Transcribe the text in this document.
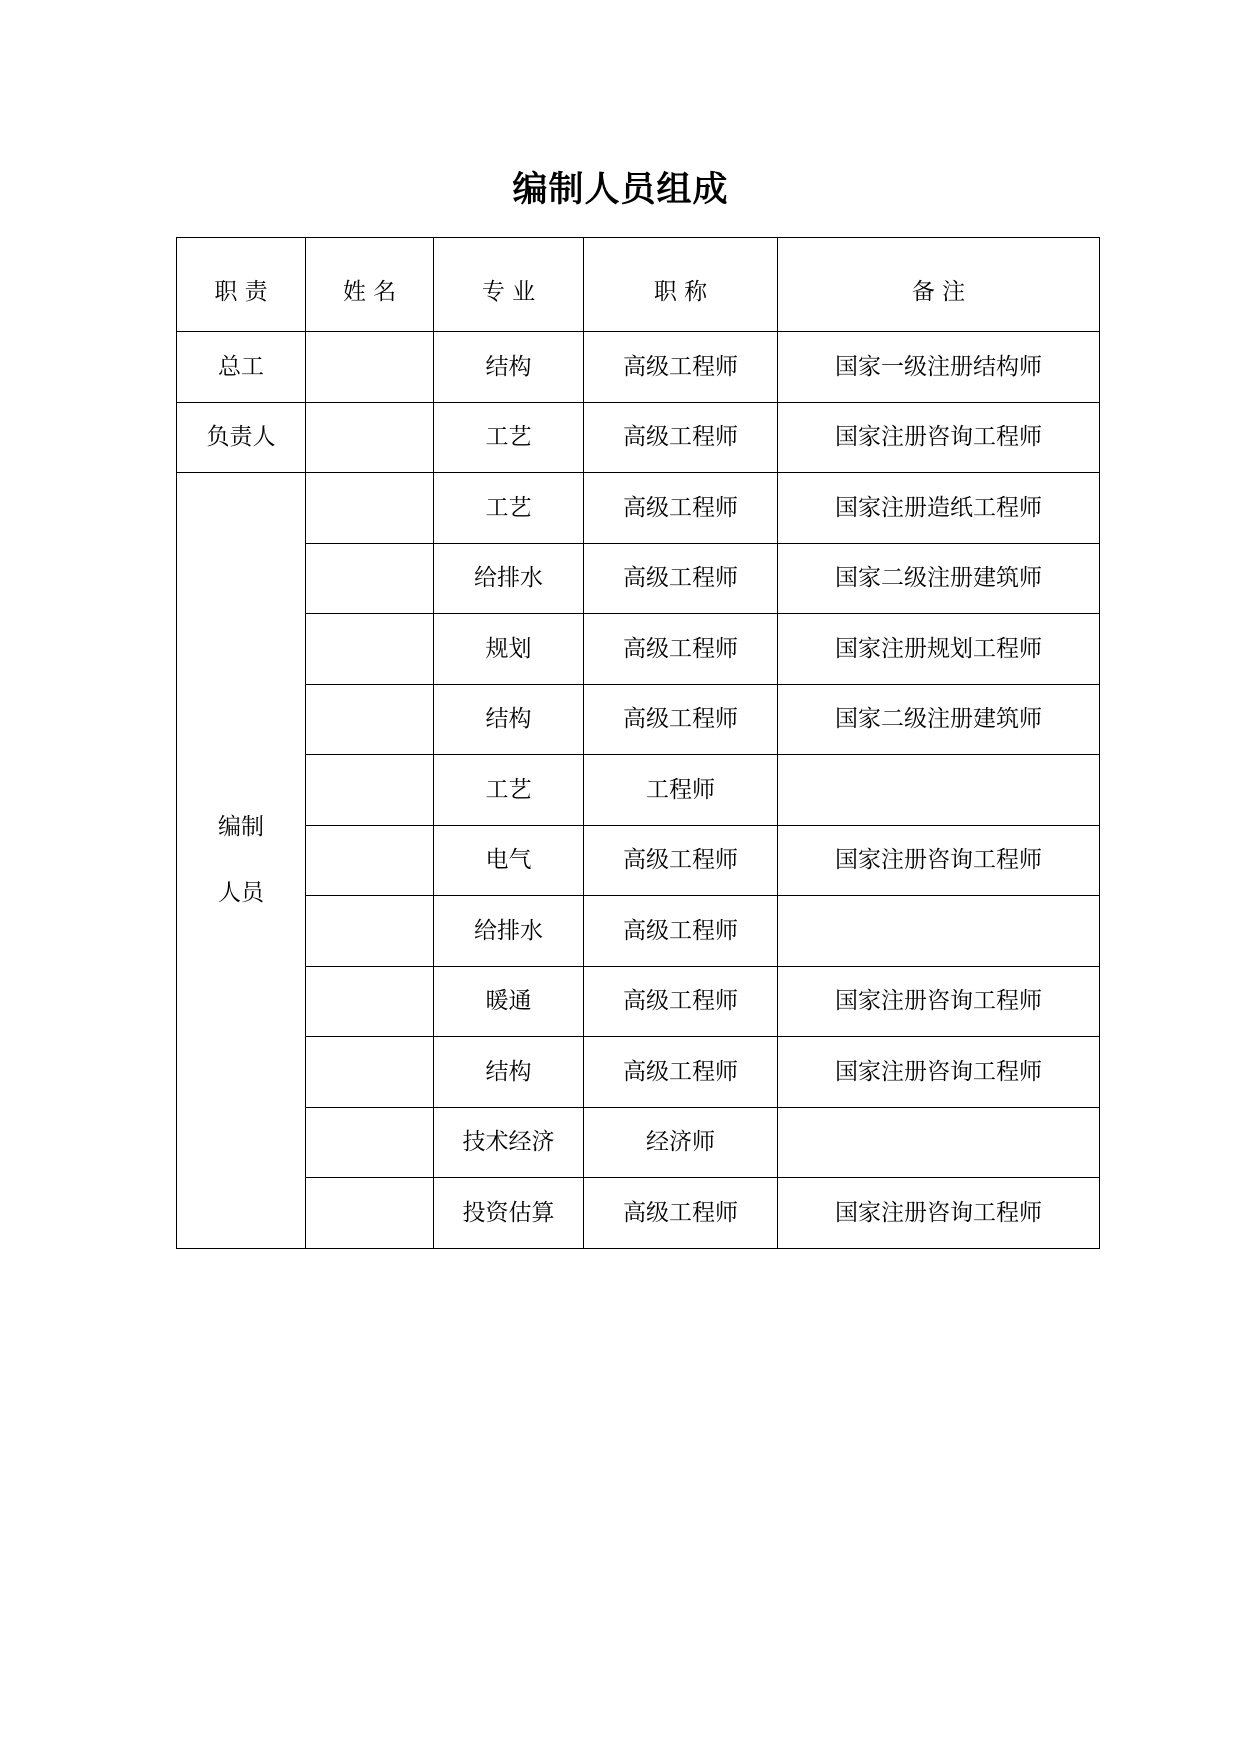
编制人员组成
职 责	姓 名	专 业	职 称	备 注
总工		结构	高级工程师	国家一级注册结构师
负责人		工艺	高级工程师	国家注册咨询工程师

编制
人员		工艺	高级工程师	国家注册造纸工程师
		给排水	高级工程师	国家二级注册建筑师
		规划	高级工程师	国家注册规划工程师
		结构	高级工程师	国家二级注册建筑师
		工艺	工程师	
		电气	高级工程师	国家注册咨询工程师
		给排水	高级工程师	
		暖通	高级工程师	国家注册咨询工程师
		结构	高级工程师	国家注册咨询工程师
		技术经济	经济师	
		投资估算	高级工程师	国家注册咨询工程师
